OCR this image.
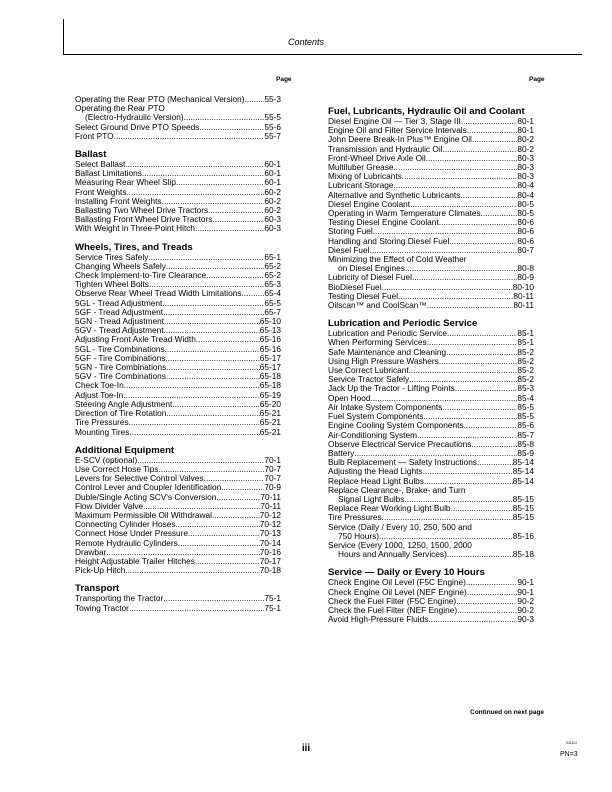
Contents
Page	Page
Operating the Rear PTO (Mechanical Version) ..... 55-3
Operating the Rear PTO
(Electro-Hydraulic Version) .....	55-5
Select Ground Drive PTO Speeds .....	55-6
Front PTO .....	55-7
Ballast
Select Ballast .....	60-1
Ballast Limitations .....	60-1
Measuring Rear Wheel Slip .....	60-1
Front Weights .....	60-2
Installing Front Weights .....	60-2
Ballasting Two Wheel Drive Tractors .....	60-2
Ballasting Front Wheel Drive Tractors .....	60-3
With Weight in Three-Point Hitch .....	60-3
Wheels, Tires, and Treads
Service Tires Safely .....	65-1
Changing Wheels Safely .....	65-2
Check Implement-to-Tire Clearance .....	65-2
Tighten Wheel Bolts .....	65-3
Observe Rear Wheel Tread Width Limitations .....	65-4
5GL - Tread Adjustment .....	65-5
5GF - Tread Adjustment .....	65-7
5GN - Tread Adjustment .....	65-10
5GV - Tread Adjustment .....	65-13
Adjusting Front Axle Tread Width .....	65-16
5GL - Tire Combinations .....	65-16
5GF - Tire Combinations .....	65-17
5GN - Tire Combinations .....	65-17
5GV - Tire Combinations .....	65-18
Check Toe-In .....	65-18
Adjust Toe-In .....	65-19
Steering Angle Adjustment .....	65-20
Direction of Tire Rotation .....	65-21
Tire Pressures .....	65-21
Mounting Tires .....	65-21
Additional Equipment
E-SCV (optional) .....	70-1
Use Correct Hose Tips .....	70-7
Levers for Selective Control Valves .....	70-7
Control Lever and Coupler Identification .....	70-9
Duble/Single Acting SCV's Conversion .....	70-11
Flow Divider Valve .....	70-11
Maximum Permissible Oil Withdrawal .....	70-12
Connecting Cylinder Hoses .....	70-12
Connect Hose Under Pressure .....	70-13
Remote Hydraulic Cylinders .....	70-14
Drawbar .....	70-16
Height Adjustable Trailer Hitches .....	70-17
Pick-Up Hitch .....	70-18
Transport
Transporting the Tractor .....	75-1
Towing Tractor .....	75-1
Fuel, Lubricants, Hydraulic Oil and Coolant
Diesel Engine Oil — Tier 3, Stage III .....	80-1
Engine Oil and Filter Service Intervals .....	80-1
John Deere Break-In Plus™ Engine Oil .....	80-2
Transmission and Hydraulic Oil .....	80-2
Front-Wheel Drive Axle Oil .....	80-3
Multiluber Grease .....	80-3
Mixing of Lubricants .....	80-3
Lubricant Storage .....	80-4
Alternative and Synthetic Lubricants .....	80-4
Diesel Engine Coolant .....	80-5
Operating in Warm Temperature Climates .....	80-5
Testing Diesel Engine Coolant .....	80-6
Storing Fuel .....	80-6
Handling and Storing Diesel Fuel .....	80-6
Diesel Fuel .....	80-7
Minimizing the Effect of Cold Weather
on Diesel Engines .....	80-8
Lubricity of Diesel Fuel .....	80-9
BioDiesel Fuel .....	80-10
Testing Diesel Fuel .....	80-11
Oilscan™ and CoolScan™ .....	80-11
Lubrication and Periodic Service
Lubrication and Periodic Service .....	85-1
When Performing Services .....	85-1
Safe Maintenance and Cleaning .....	85-2
Using High Pressure Washers .....	85-2
Use Correct Lubricant .....	85-2
Service Tractor Safely .....	85-2
Jack Up the Tractor - Lifting Points .....	85-3
Open Hood .....	85-4
Air Intake System Components .....	85-5
Fuel System Components .....	85-5
Engine Cooling System Components .....	85-6
Air-Conditioning System .....	85-7
Observe Electrical Service Precautions .....	85-8
Battery .....	85-9
Bulb Replacement — Safety Instructions .....	85-14
Adjusting the Head Lights .....	85-14
Replace Head Light Bulbs .....	85-14
Replace Clearance-, Brake- and Turn
Signal Light Bulbs .....	85-15
Replace Rear Working Light Bulb .....	85-15
Tire Pressures .....	85-15
Service (Daily / Every 10, 250, 500 and
750 Hours) .....	85-16
Service (Every 1000, 1250, 1500, 2000
Hours and Annually Services) .....	85-18
Service — Daily or Every 10 Hours
Check Engine Oil Level (F5C Engine) .....	90-1
Check Engine Oil Level (NEF Engine) .....	90-1
Check the Fuel Filter (F5C Engine) .....	90-2
Check the Fuel Filter (NEF Engine) .....	90-2
Avoid High-Pressure Fluids .....	90-3
Continued on next page
iii	011114
PN=3
